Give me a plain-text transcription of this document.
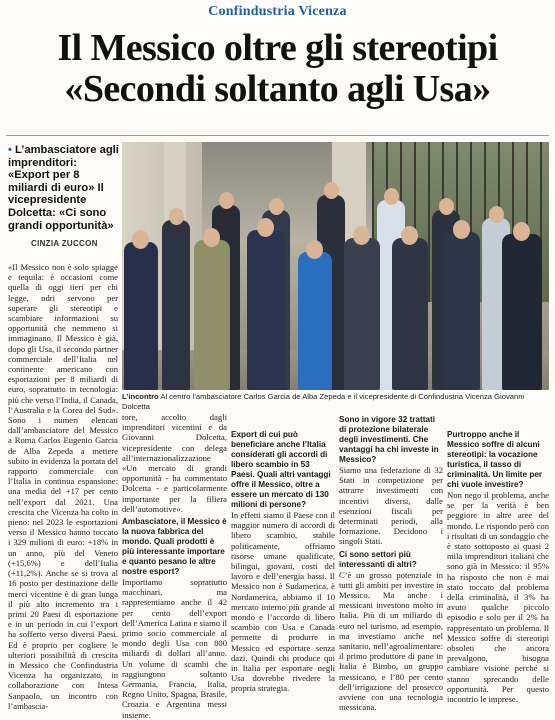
Confindustria Vicenza
Il Messico oltre gli stereotipi
«Secondi soltanto agli Usa»

• L’ambasciatore agli imprenditori: «Export per 8 miliardi di euro» Il vicepresidente Dolcetta: «Ci sono grandi opportunità»

CINZIA ZUCCON
L’incontro Al centro l’ambasciatore Carlos Garcia de Alba Zepeda e il vicepresidente di Confindustria Vicenza Giovanni Dolcetta

«Il Messico non è solo spiagge e tequila: è occasioni come quella di oggi tieri per chi legge, ndri servono per superare gli stereotipi e scambiare informazioni su opportunità che nemmeno si immaginano. Il Messico è già, dopo gli Usa, il secondo partner commerciale dell’Italia nel continente americano con esportazioni per 8 miliardi di euro, soprattutto in tecnologia: più che verso l’India, il Canada, l’Australia e la Corea del Sud». Sono i numeri elencati dall’ambasciatore del Messico a Roma Carlos Eugenio Garcia de Alba Zepeda a mettere subito in evidenza la portata del rapporto commerciale con l’Italia in continua espansione: una media del +17 per cento nell’export dal 2021. Una crescita che Vicenza ha colto in pieno: nel 2023 le esportazioni verso il Messico hanno toccato i 329 milioni di euro: +18% in un anno, più del Veneto (+15,6%) e dell’Italia (+11,2%). Anche se si trova al 16 posto per destinazione delle merci vicentine è di gran lunga il più alto incremento tra i primi 20 Paesi di esportazione e in un periodo in cui l’export ha sofferto verso diversi Paesi. Ed è proprio per cogliere le ulteriori possibilità di crescita in Messico che Confindustria Vicenza ha organizzato, in collaborazione con Intesa Sanpaolo, un incontro con l’ambascia-

tore, accolto dagli imprenditori vicentini e da Giovanni Dolcetta, vicepresidente con delega all’internazionalizzazione «Un mercato di grandi opportunità - ha commentato Dolcetta - e particolarmente importante per la filiera dell’automotive».

Ambasciatore, il Messico è la nuova fabbrica del mondo. Quali prodotti è più interessante importare e quanto pesano le altre nostre esport?

Importiamo soprattutto macchinari, ma rappresentiamo anche il 42 per cento dell’export dell’America Latina e siamo il primo socio commerciale al mondo degli Usa con 800 miliardi di dollari all’anno. Un volume di scambi che raggiungono soltanto Germania, Francia, Italia, Regno Unito, Spagna, Brasile, Croazia e Argentina messi insieme.

Export di cui può beneficiare anche l’Italia considerati gli accordi di libero scambio in 53 Paesi. Quali altri vantaggi offre il Messico, oltre a essere un mercato di 130 milioni di persone?

In effetti siamo il Paese con il maggior numero di accordi di libero scambio, stabile politicamente, offriamo risorse umane qualificate, bilingui, giovani, costi del lavoro e dell’energia bassi. Il Messico non è Sudamerica, è Nordamerica, abbiamo il 10 mercato interno più grande al mondo e l’accordo di libero scambio con Usa e Canada permette di produrre in Messico ed esportare senza dazi. Quindi chi produce qui in Italia per esportare negli Usa dovrebbe rivedere la propria strategia.

Sono in vigore 32 trattati di protezione bilaterale degli investimenti. Che vantaggi ha chi investe in Messico?

Siamo una federazione di 32 Stati in competizione per attrarre investimenti con incentivi diversi, dalle esenzioni fiscali per determinati periodi, alla formazione. Decidono i singoli Stati.

Ci sono settori più interessanti di altri?

C’è un grosso potenziale in tutti gli ambiti per investire in Messico. Ma anche i messicani investono molto in Italia. Più di un miliardo di euro nel turismo, ad esempio, ma investiamo anche nel sanitario, nell’agroalimentare: il primo produttore di pane in Italia è Bimbo, un gruppo messicano, e l’80 per cento dell’irrigazione del prosecco avviene con una tecnologia messicana.

Purtroppo anche il Messico soffre di alcuni stereotipi: la vocazione turistica, il tasso di criminalità. Un limite per chi vuole investire?

Non nego il problema, anche se per la verità è ben peggiore in altre aree del mondo. Le rispondo però con i risultati di un sondaggio che è stato sottoposto ai quasi 2 mila imprenditori italiani che sono già in Messico: il 95% ha risposto che non è mai stato toccato dal problema della criminalità, il 3% ha avuto qualche piccolo episodio e solo per il 2% ha rappresentato un problema. Il Messico soffre di stereotipi obsoleti che ancora prevalgono, bisogna cambiare visione perché si stanno sprecando delle opportunità. Per questo incontrio le imprese.
